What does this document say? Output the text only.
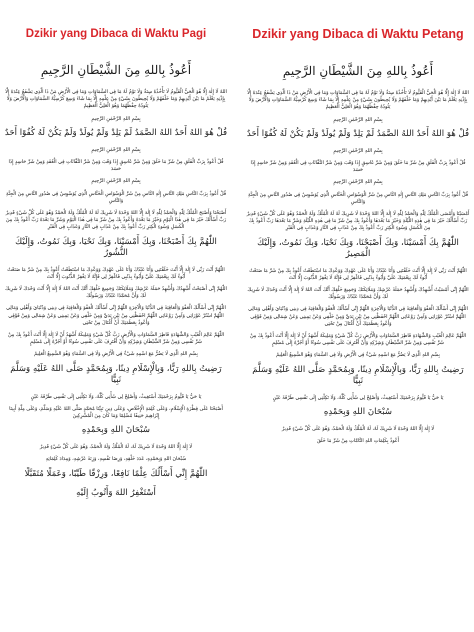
Dzikir yang Dibaca di Waktu Pagi
أَعُوذُ بِاللهِ مِنَ الشَّيْطَانِ الرَّجِيمِ

اللهُ لَا إِلٰهَ إِلَّا هُوَ الْحَيُّ الْقَيُّومُ لَا تَأْخُذُهُ سِنَةٌ وَلَا نَوْمٌ لَهُ مَا فِي السَّمَاوَاتِ وَمَا فِي الْأَرْضِ مَنْ ذَا الَّذِي يَشْفَعُ عِنْدَهُ إِلَّا بِإِذْنِهِ يَعْلَمُ مَا بَيْنَ أَيْدِيهِمْ وَمَا خَلْفَهُمْ وَلَا يُحِيطُونَ بِشَيْءٍ مِنْ عِلْمِهِ إِلَّا بِمَا شَاءَ وَسِعَ كُرْسِيُّهُ السَّمَاوَاتِ وَالْأَرْضَ وَلَا يَئُودُهُ حِفْظُهُمَا وَهُوَ الْعَلِيُّ الْعَظِيمُ

بِسْمِ اللهِ الرَّحْمٰنِ الرَّحِيمِ

قُلْ هُوَ اللهُ أَحَدٌ اللهُ الصَّمَدُ لَمْ يَلِدْ وَلَمْ يُولَدْ وَلَمْ يَكُنْ لَهُ كُفُوًا أَحَدٌ

بِسْمِ اللهِ الرَّحْمٰنِ الرَّحِيمِ

قُلْ أَعُوذُ بِرَبِّ الْفَلَقِ مِنْ شَرِّ مَا خَلَقَ وَمِنْ شَرِّ غَاسِقٍ إِذَا وَقَبَ وَمِنْ شَرِّ النَّفَّاثَاتِ فِي الْعُقَدِ وَمِنْ شَرِّ حَاسِدٍ إِذَا حَسَدَ

بِسْمِ اللهِ الرَّحْمٰنِ الرَّحِيمِ

قُلْ أَعُوذُ بِرَبِّ النَّاسِ مَلِكِ النَّاسِ إِلٰهِ النَّاسِ مِنْ شَرِّ الْوَسْوَاسِ الْخَنَّاسِ الَّذِي يُوَسْوِسُ فِي صُدُورِ النَّاسِ مِنَ الْجِنَّةِ وَالنَّاسِ

أَصْبَحْنَا وَأَصْبَحَ الْمُلْكُ لِلّٰهِ وَالْحَمْدُ لِلّٰهِ لَا إِلٰهَ إِلَّا اللهُ وَحْدَهُ لَا شَرِيكَ لَهُ لَهُ الْمُلْكُ وَلَهُ الْحَمْدُ وَهُوَ عَلَى كُلِّ شَيْءٍ قَدِيرٌ رَبِّ أَسْأَلُكَ خَيْرَ مَا فِي هٰذَا الْيَوْمِ وَخَيْرَ مَا بَعْدَهُ وَأَعُوذُ بِكَ مِنْ شَرِّ مَا فِي هٰذَا الْيَوْمِ وَشَرِّ مَا بَعْدَهُ رَبِّ أَعُوذُ بِكَ مِنَ الْكَسَلِ وَسُوءِ الْكِبَرِ رَبِّ أَعُوذُ بِكَ مِنْ عَذَابٍ فِي النَّارِ وَعَذَابٍ فِي الْقَبْرِ

اللّٰهُمَّ بِكَ أَصْبَحْنَا، وَبِكَ أَمْسَيْنَا، وَبِكَ نَحْيَا، وَبِكَ نَمُوتُ، وَإِلَيْكَ النُّشُورُ

اللّٰهُمَّ أَنْتَ رَبِّي لَا إِلٰهَ إِلَّا أَنْتَ خَلَقْتَنِي وَأَنَا عَبْدُكَ وَأَنَا عَلَى عَهْدِكَ وَوَعْدِكَ مَا اسْتَطَعْتُ أَعُوذُ بِكَ مِنْ شَرِّ مَا صَنَعْتُ أَبُوءُ لَكَ بِنِعْمَتِكَ عَلَيَّ وَأَبُوءُ بِذَنْبِي فَاغْفِرْ لِي فَإِنَّهُ لَا يَغْفِرُ الذُّنُوبَ إِلَّا أَنْتَ

اللّٰهُمَّ إِنِّي أَصْبَحْتُ أُشْهِدُكَ وَأُشْهِدُ حَمَلَةَ عَرْشِكَ وَمَلَائِكَتَكَ وَجَمِيعَ خَلْقِكَ أَنَّكَ أَنْتَ اللهُ لَا إِلٰهَ إِلَّا أَنْتَ وَحْدَكَ لَا شَرِيكَ لَكَ وَأَنَّ مُحَمَّدًا عَبْدُكَ وَرَسُولُكَ

اللّٰهُمَّ إِنِّي أَسْأَلُكَ الْعَفْوَ وَالْعَافِيَةَ فِي الدُّنْيَا وَالْآخِرَةِ اللّٰهُمَّ إِنِّي أَسْأَلُكَ الْعَفْوَ وَالْعَافِيَةَ فِي دِينِي وَدُنْيَايَ وَأَهْلِي وَمَالِي اللّٰهُمَّ اسْتُرْ عَوْرَاتِي وَآمِنْ رَوْعَاتِي اللّٰهُمَّ احْفَظْنِي مِنْ بَيْنِ يَدَيَّ وَمِنْ خَلْفِي وَعَنْ يَمِينِي وَعَنْ شِمَالِي وَمِنْ فَوْقِي وَأَعُوذُ بِعَظَمَتِكَ أَنْ أُغْتَالَ مِنْ تَحْتِي

اللّٰهُمَّ عَالِمَ الْغَيْبِ وَالشَّهَادَةِ فَاطِرَ السَّمَاوَاتِ وَالْأَرْضِ رَبَّ كُلِّ شَيْءٍ وَمَلِيكَهُ أَشْهَدُ أَنْ لَا إِلٰهَ إِلَّا أَنْتَ أَعُوذُ بِكَ مِنْ شَرِّ نَفْسِي وَمِنْ شَرِّ الشَّيْطَانِ وَشِرْكِهِ وَأَنْ أَقْتَرِفَ عَلَى نَفْسِي سُوءًا أَوْ أَجُرَّهُ إِلَى مُسْلِمٍ

بِسْمِ اللهِ الَّذِي لَا يَضُرُّ مَعَ اسْمِهِ شَيْءٌ فِي الْأَرْضِ وَلَا فِي السَّمَاءِ وَهُوَ السَّمِيعُ الْعَلِيمُ

رَضِيتُ بِاللهِ رَبًّا، وَبِالْإِسْلَامِ دِينًا، وَبِمُحَمَّدٍ صَلَّى اللهُ عَلَيْهِ وَسَلَّمَ نَبِيًّا

يَا حَيُّ يَا قَيُّومُ بِرَحْمَتِكَ أَسْتَغِيثُ، وَأَصْلِحْ لِي شَأْنِي كُلَّهُ، وَلَا تَكِلْنِي إِلَى نَفْسِي طَرْفَةَ عَيْنٍ

أَصْبَحْنَا عَلَى فِطْرَةِ الْإِسْلَامِ، وَعَلَى كَلِمَةِ الْإِخْلَاصِ، وَعَلَى دِينِ نَبِيِّنَا مُحَمَّدٍ صَلَّى اللهُ عَلَيْهِ وَسَلَّمَ، وَعَلَى مِلَّةِ أَبِينَا إِبْرَاهِيمَ حَنِيفًا مُسْلِمًا وَمَا كَانَ مِنَ الْمُشْرِكِينَ

سُبْحَانَ اللهِ وَبِحَمْدِهِ

لَا إِلٰهَ إِلَّا اللهُ وَحْدَهُ لَا شَرِيكَ لَهُ، لَهُ الْمُلْكُ وَلَهُ الْحَمْدُ، وَهُوَ عَلَى كُلِّ شَيْءٍ قَدِيرٌ

سُبْحَانَ اللهِ وَبِحَمْدِهِ، عَدَدَ خَلْقِهِ، وَرِضَا نَفْسِهِ، وَزِنَةَ عَرْشِهِ، وَمِدَادَ كَلِمَاتِهِ

اللّٰهُمَّ إِنِّي أَسْأَلُكَ عِلْمًا نَافِعًا، وَرِزْقًا طَيِّبًا، وَعَمَلًا مُتَقَبَّلًا

أَسْتَغْفِرُ اللهَ وَأَتُوبُ إِلَيْهِ

Dzikir yang Dibaca di Waktu Petang
أَعُوذُ بِاللهِ مِنَ الشَّيْطَانِ الرَّجِيمِ

اللهُ لَا إِلٰهَ إِلَّا هُوَ الْحَيُّ الْقَيُّومُ لَا تَأْخُذُهُ سِنَةٌ وَلَا نَوْمٌ لَهُ مَا فِي السَّمَاوَاتِ وَمَا فِي الْأَرْضِ مَنْ ذَا الَّذِي يَشْفَعُ عِنْدَهُ إِلَّا بِإِذْنِهِ يَعْلَمُ مَا بَيْنَ أَيْدِيهِمْ وَمَا خَلْفَهُمْ وَلَا يُحِيطُونَ بِشَيْءٍ مِنْ عِلْمِهِ إِلَّا بِمَا شَاءَ وَسِعَ كُرْسِيُّهُ السَّمَاوَاتِ وَالْأَرْضَ وَلَا يَئُودُهُ حِفْظُهُمَا وَهُوَ الْعَلِيُّ الْعَظِيمُ

بِسْمِ اللهِ الرَّحْمٰنِ الرَّحِيمِ

قُلْ هُوَ اللهُ أَحَدٌ اللهُ الصَّمَدُ لَمْ يَلِدْ وَلَمْ يُولَدْ وَلَمْ يَكُنْ لَهُ كُفُوًا أَحَدٌ

بِسْمِ اللهِ الرَّحْمٰنِ الرَّحِيمِ

قُلْ أَعُوذُ بِرَبِّ الْفَلَقِ مِنْ شَرِّ مَا خَلَقَ وَمِنْ شَرِّ غَاسِقٍ إِذَا وَقَبَ وَمِنْ شَرِّ النَّفَّاثَاتِ فِي الْعُقَدِ وَمِنْ شَرِّ حَاسِدٍ إِذَا حَسَدَ

بِسْمِ اللهِ الرَّحْمٰنِ الرَّحِيمِ

قُلْ أَعُوذُ بِرَبِّ النَّاسِ مَلِكِ النَّاسِ إِلٰهِ النَّاسِ مِنْ شَرِّ الْوَسْوَاسِ الْخَنَّاسِ الَّذِي يُوَسْوِسُ فِي صُدُورِ النَّاسِ مِنَ الْجِنَّةِ وَالنَّاسِ

أَمْسَيْنَا وَأَمْسَى الْمُلْكُ لِلّٰهِ وَالْحَمْدُ لِلّٰهِ لَا إِلٰهَ إِلَّا اللهُ وَحْدَهُ لَا شَرِيكَ لَهُ لَهُ الْمُلْكُ وَلَهُ الْحَمْدُ وَهُوَ عَلَى كُلِّ شَيْءٍ قَدِيرٌ رَبِّ أَسْأَلُكَ خَيْرَ مَا فِي هٰذِهِ اللَّيْلَةِ وَخَيْرَ مَا بَعْدَهَا وَأَعُوذُ بِكَ مِنْ شَرِّ مَا فِي هٰذِهِ اللَّيْلَةِ وَشَرِّ مَا بَعْدَهَا رَبِّ أَعُوذُ بِكَ مِنَ الْكَسَلِ وَسُوءِ الْكِبَرِ رَبِّ أَعُوذُ بِكَ مِنْ عَذَابٍ فِي النَّارِ وَعَذَابٍ فِي الْقَبْرِ

اللّٰهُمَّ بِكَ أَمْسَيْنَا، وَبِكَ أَصْبَحْنَا، وَبِكَ نَحْيَا، وَبِكَ نَمُوتُ، وَإِلَيْكَ الْمَصِيرُ

اللّٰهُمَّ أَنْتَ رَبِّي لَا إِلٰهَ إِلَّا أَنْتَ خَلَقْتَنِي وَأَنَا عَبْدُكَ وَأَنَا عَلَى عَهْدِكَ وَوَعْدِكَ مَا اسْتَطَعْتُ أَعُوذُ بِكَ مِنْ شَرِّ مَا صَنَعْتُ أَبُوءُ لَكَ بِنِعْمَتِكَ عَلَيَّ وَأَبُوءُ بِذَنْبِي فَاغْفِرْ لِي فَإِنَّهُ لَا يَغْفِرُ الذُّنُوبَ إِلَّا أَنْتَ

اللّٰهُمَّ إِنِّي أَمْسَيْتُ أُشْهِدُكَ وَأُشْهِدُ حَمَلَةَ عَرْشِكَ وَمَلَائِكَتَكَ وَجَمِيعَ خَلْقِكَ أَنَّكَ أَنْتَ اللهُ لَا إِلٰهَ إِلَّا أَنْتَ وَحْدَكَ لَا شَرِيكَ لَكَ وَأَنَّ مُحَمَّدًا عَبْدُكَ وَرَسُولُكَ

اللّٰهُمَّ إِنِّي أَسْأَلُكَ الْعَفْوَ وَالْعَافِيَةَ فِي الدُّنْيَا وَالْآخِرَةِ اللّٰهُمَّ إِنِّي أَسْأَلُكَ الْعَفْوَ وَالْعَافِيَةَ فِي دِينِي وَدُنْيَايَ وَأَهْلِي وَمَالِي اللّٰهُمَّ اسْتُرْ عَوْرَاتِي وَآمِنْ رَوْعَاتِي اللّٰهُمَّ احْفَظْنِي مِنْ بَيْنِ يَدَيَّ وَمِنْ خَلْفِي وَعَنْ يَمِينِي وَعَنْ شِمَالِي وَمِنْ فَوْقِي وَأَعُوذُ بِعَظَمَتِكَ أَنْ أُغْتَالَ مِنْ تَحْتِي

اللّٰهُمَّ عَالِمَ الْغَيْبِ وَالشَّهَادَةِ فَاطِرَ السَّمَاوَاتِ وَالْأَرْضِ رَبَّ كُلِّ شَيْءٍ وَمَلِيكَهُ أَشْهَدُ أَنْ لَا إِلٰهَ إِلَّا أَنْتَ أَعُوذُ بِكَ مِنْ شَرِّ نَفْسِي وَمِنْ شَرِّ الشَّيْطَانِ وَشِرْكِهِ وَأَنْ أَقْتَرِفَ عَلَى نَفْسِي سُوءًا أَوْ أَجُرَّهُ إِلَى مُسْلِمٍ

بِسْمِ اللهِ الَّذِي لَا يَضُرُّ مَعَ اسْمِهِ شَيْءٌ فِي الْأَرْضِ وَلَا فِي السَّمَاءِ وَهُوَ السَّمِيعُ الْعَلِيمُ

رَضِيتُ بِاللهِ رَبًّا، وَبِالْإِسْلَامِ دِينًا، وَبِمُحَمَّدٍ صَلَّى اللهُ عَلَيْهِ وَسَلَّمَ نَبِيًّا

يَا حَيُّ يَا قَيُّومُ بِرَحْمَتِكَ أَسْتَغِيثُ، وَأَصْلِحْ لِي شَأْنِي كُلَّهُ، وَلَا تَكِلْنِي إِلَى نَفْسِي طَرْفَةَ عَيْنٍ

سُبْحَانَ اللهِ وَبِحَمْدِهِ

لَا إِلٰهَ إِلَّا اللهُ وَحْدَهُ لَا شَرِيكَ لَهُ، لَهُ الْمُلْكُ وَلَهُ الْحَمْدُ، وَهُوَ عَلَى كُلِّ شَيْءٍ قَدِيرٌ

أَعُوذُ بِكَلِمَاتِ اللهِ التَّامَّاتِ مِنْ شَرِّ مَا خَلَقَ
